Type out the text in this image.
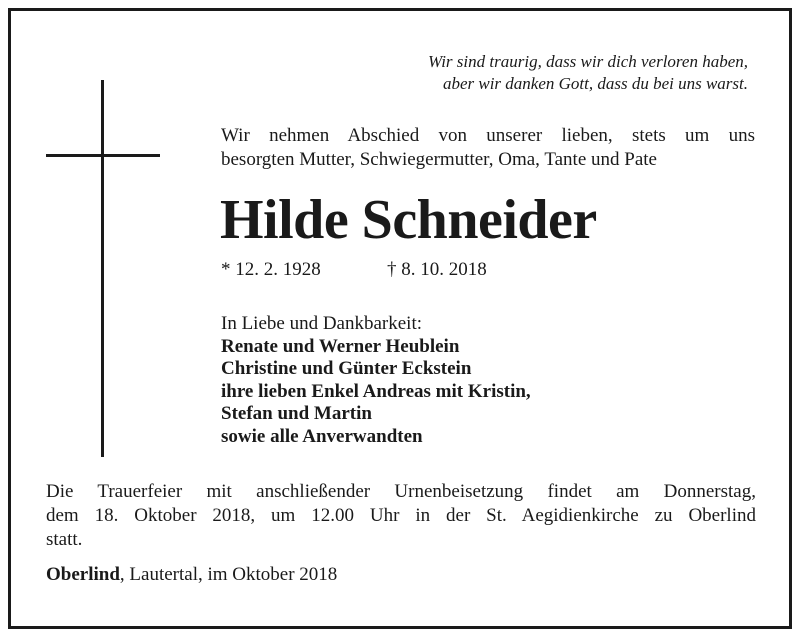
Wir sind traurig, dass wir dich verloren haben,
aber wir danken Gott, dass du bei uns warst.
Wir nehmen Abschied von unserer lieben, stets um uns
besorgten Mutter, Schwiegermutter, Oma, Tante und Pate
Hilde Schneider
* 12. 2. 1928	† 8. 10. 2018
In Liebe und Dankbarkeit:
Renate und Werner Heublein
Christine und Günter Eckstein
ihre lieben Enkel Andreas mit Kristin,
Stefan und Martin
sowie alle Anverwandten
Die Trauerfeier mit anschließender Urnenbeisetzung findet am Donnerstag,
dem 18. Oktober 2018, um 12.00 Uhr in der St. Aegidienkirche zu Oberlind
statt.
Oberlind, Lautertal, im Oktober 2018
